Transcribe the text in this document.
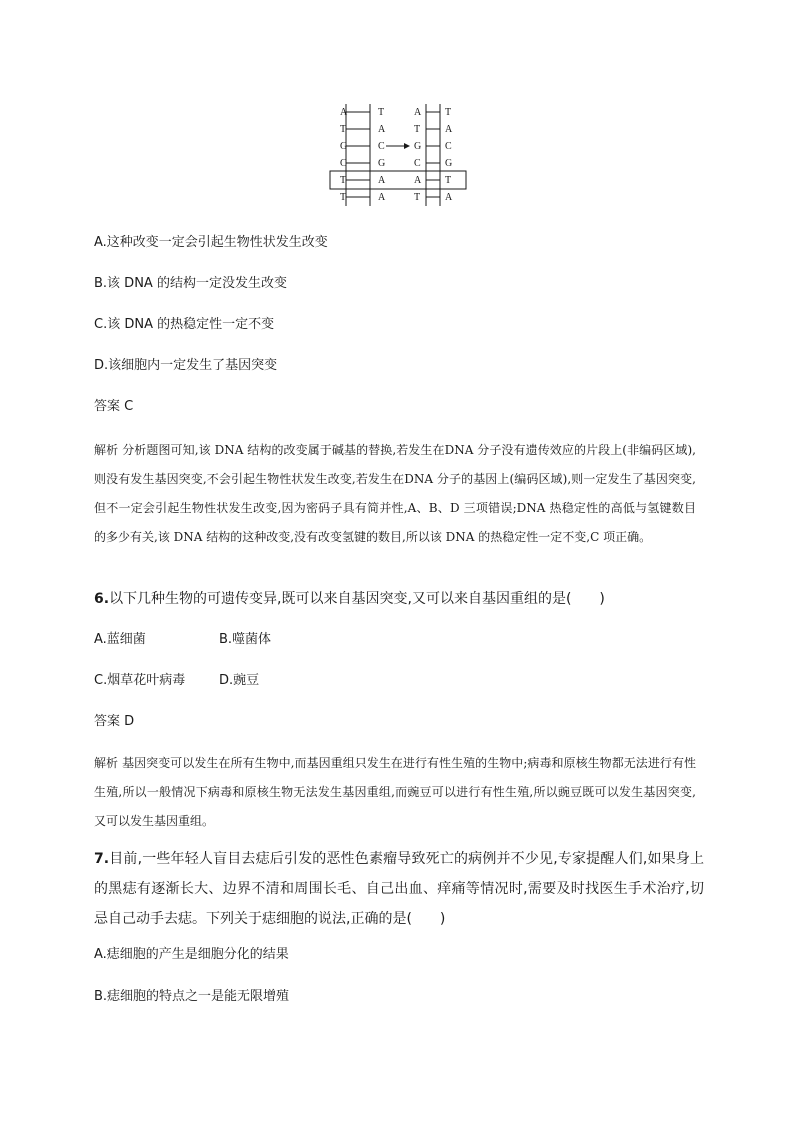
A
T
G
C
T
T
T
A
C
G
A
A
A
T
G
C
A
T
T
A
C
G
T
A
A.这种改变一定会引起生物性状发生改变
B.该 DNA 的结构一定没发生改变
C.该 DNA 的热稳定性一定不变
D.该细胞内一定发生了基因突变
答案 C
解析 分析题图可知,该 DNA 结构的改变属于碱基的替换,若发生在DNA 分子没有遗传效应的片段上(非编码区域),则没有发生基因突变,不会引起生物性状发生改变,若发生在DNA 分子的基因上(编码区域),则一定发生了基因突变,但不一定会引起生物性状发生改变,因为密码子具有简并性,A、B、D 三项错误;DNA 热稳定性的高低与氢键数目的多少有关,该 DNA 结构的这种改变,没有改变氢键的数目,所以该 DNA 的热稳定性一定不变,C 项正确。
6.以下几种生物的可遗传变异,既可以来自基因突变,又可以来自基因重组的是(　　)
A.蓝细菌	B.噬菌体
C.烟草花叶病毒	D.豌豆
答案 D
解析 基因突变可以发生在所有生物中,而基因重组只发生在进行有性生殖的生物中;病毒和原核生物都无法进行有性生殖,所以一般情况下病毒和原核生物无法发生基因重组,而豌豆可以进行有性生殖,所以豌豆既可以发生基因突变,又可以发生基因重组。
7.目前,一些年轻人盲目去痣后引发的恶性色素瘤导致死亡的病例并不少见,专家提醒人们,如果身上的黑痣有逐渐长大、边界不清和周围长毛、自己出血、痒痛等情况时,需要及时找医生手术治疗,切忌自己动手去痣。下列关于痣细胞的说法,正确的是(　　)
A.痣细胞的产生是细胞分化的结果
B.痣细胞的特点之一是能无限增殖
